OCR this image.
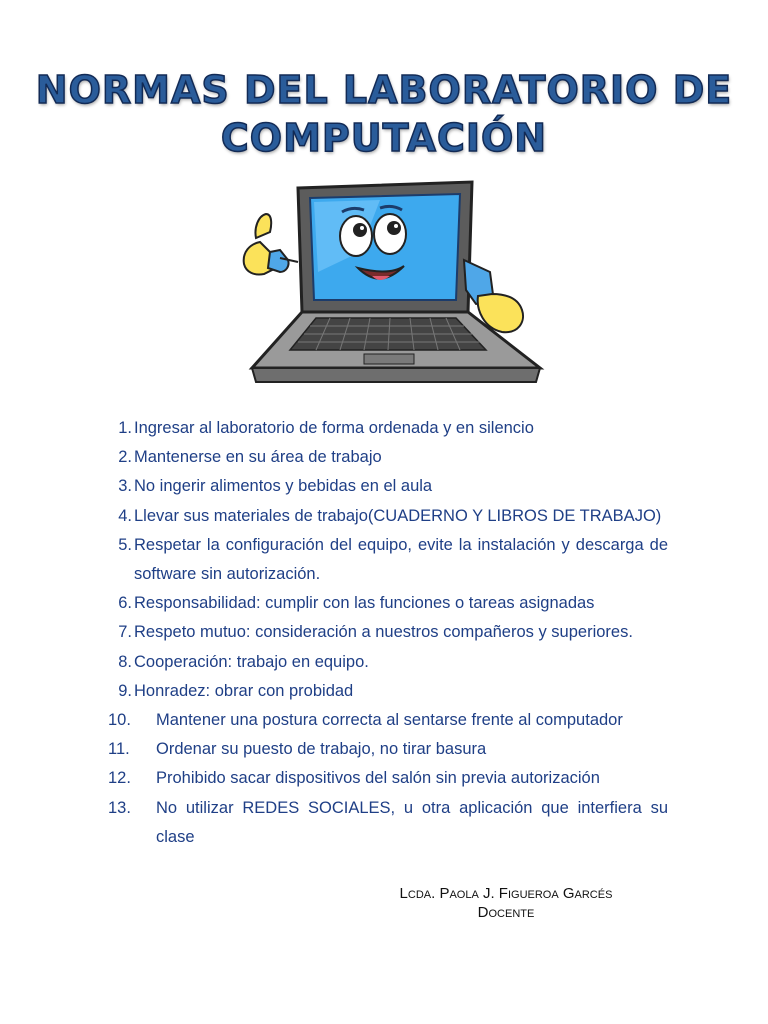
NORMAS DEL LABORATORIO DE
COMPUTACIÓN
1. Ingresar al laboratorio de forma ordenada y en silencio
2. Mantenerse en su área de trabajo
3. No ingerir alimentos y bebidas en el aula
4. Llevar sus materiales de trabajo(CUADERNO Y LIBROS DE TRABAJO)
5. Respetar la configuración del equipo, evite la instalación y descarga de software sin autorización.
6. Responsabilidad: cumplir con las funciones o tareas asignadas
7. Respeto mutuo: consideración a nuestros compañeros y superiores.
8. Cooperación: trabajo en equipo.
9. Honradez: obrar con probidad
10.	Mantener una postura correcta al sentarse frente al computador
11.	Ordenar su puesto de trabajo, no tirar basura
12.	Prohibido sacar dispositivos del salón sin previa autorización
13.	No utilizar REDES SOCIALES, u otra aplicación que interfiera su clase
Lcda. Paola J. Figueroa Garcés
Docente
